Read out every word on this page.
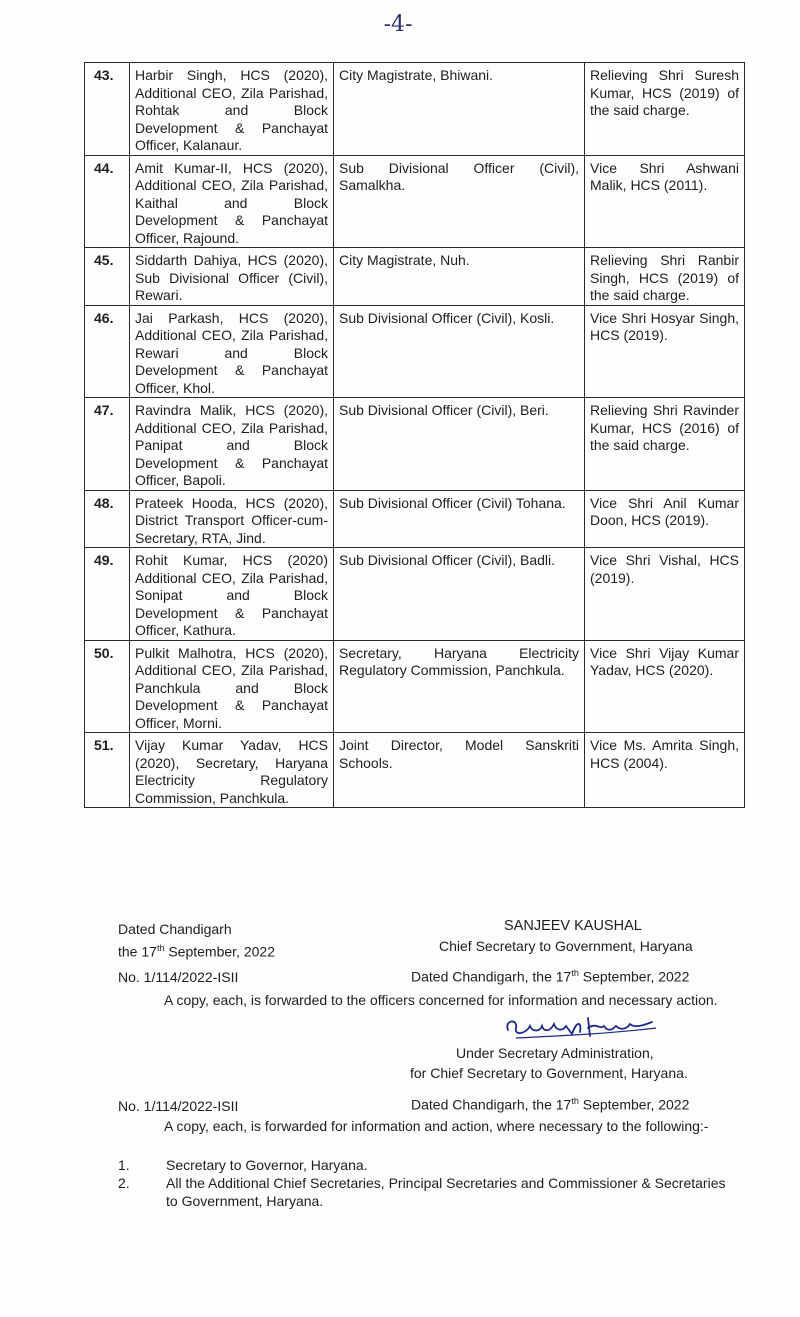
-4-
43.	Harbir Singh, HCS (2020), Additional CEO, Zila Parishad, Rohtak and Block Development & Panchayat Officer, Kalanaur.	City Magistrate, Bhiwani.	Relieving Shri Suresh Kumar, HCS (2019) of the said charge.
44.	Amit Kumar-II, HCS (2020), Additional CEO, Zila Parishad, Kaithal and Block Development & Panchayat Officer, Rajound.	Sub Divisional Officer (Civil), Samalkha.	Vice Shri Ashwani Malik, HCS (2011).
45.	Siddarth Dahiya, HCS (2020), Sub Divisional Officer (Civil), Rewari.	City Magistrate, Nuh.	Relieving Shri Ranbir Singh, HCS (2019) of the said charge.
46.	Jai Parkash, HCS (2020), Additional CEO, Zila Parishad, Rewari and Block Development & Panchayat Officer, Khol.	Sub Divisional Officer (Civil), Kosli.	Vice Shri Hosyar Singh, HCS (2019).
47.	Ravindra Malik, HCS (2020), Additional CEO, Zila Parishad, Panipat and Block Development & Panchayat Officer, Bapoli.	Sub Divisional Officer (Civil), Beri.	Relieving Shri Ravinder Kumar, HCS (2016) of the said charge.
48.	Prateek Hooda, HCS (2020), District Transport Officer-cum-Secretary, RTA, Jind.	Sub Divisional Officer (Civil) Tohana.	Vice Shri Anil Kumar Doon, HCS (2019).
49.	Rohit Kumar, HCS (2020) Additional CEO, Zila Parishad, Sonipat and Block Development & Panchayat Officer, Kathura.	Sub Divisional Officer (Civil), Badli.	Vice Shri Vishal, HCS (2019).
50.	Pulkit Malhotra, HCS (2020), Additional CEO, Zila Parishad, Panchkula and Block Development & Panchayat Officer, Morni.	Secretary, Haryana Electricity Regulatory Commission, Panchkula.	Vice Shri Vijay Kumar Yadav, HCS (2020).
51.	Vijay Kumar Yadav, HCS (2020), Secretary, Haryana Electricity Regulatory Commission, Panchkula.	Joint Director, Model Sanskriti Schools.	Vice Ms. Amrita Singh, HCS (2004).
Dated Chandigarh
the 17th September, 2022
SANJEEV KAUSHAL
Chief Secretary to Government, Haryana
No. 1/114/2022-ISII	Dated Chandigarh, the 17th September, 2022
A copy, each, is forwarded to the officers concerned for information and necessary action.
Under Secretary Administration,
for Chief Secretary to Government, Haryana.
No. 1/114/2022-ISII	Dated Chandigarh, the 17th September, 2022
A copy, each, is forwarded for information and action, where necessary to the following:-
1.	Secretary to Governor, Haryana.
2.	All the Additional Chief Secretaries, Principal Secretaries and Commissioner & Secretaries to Government, Haryana.
